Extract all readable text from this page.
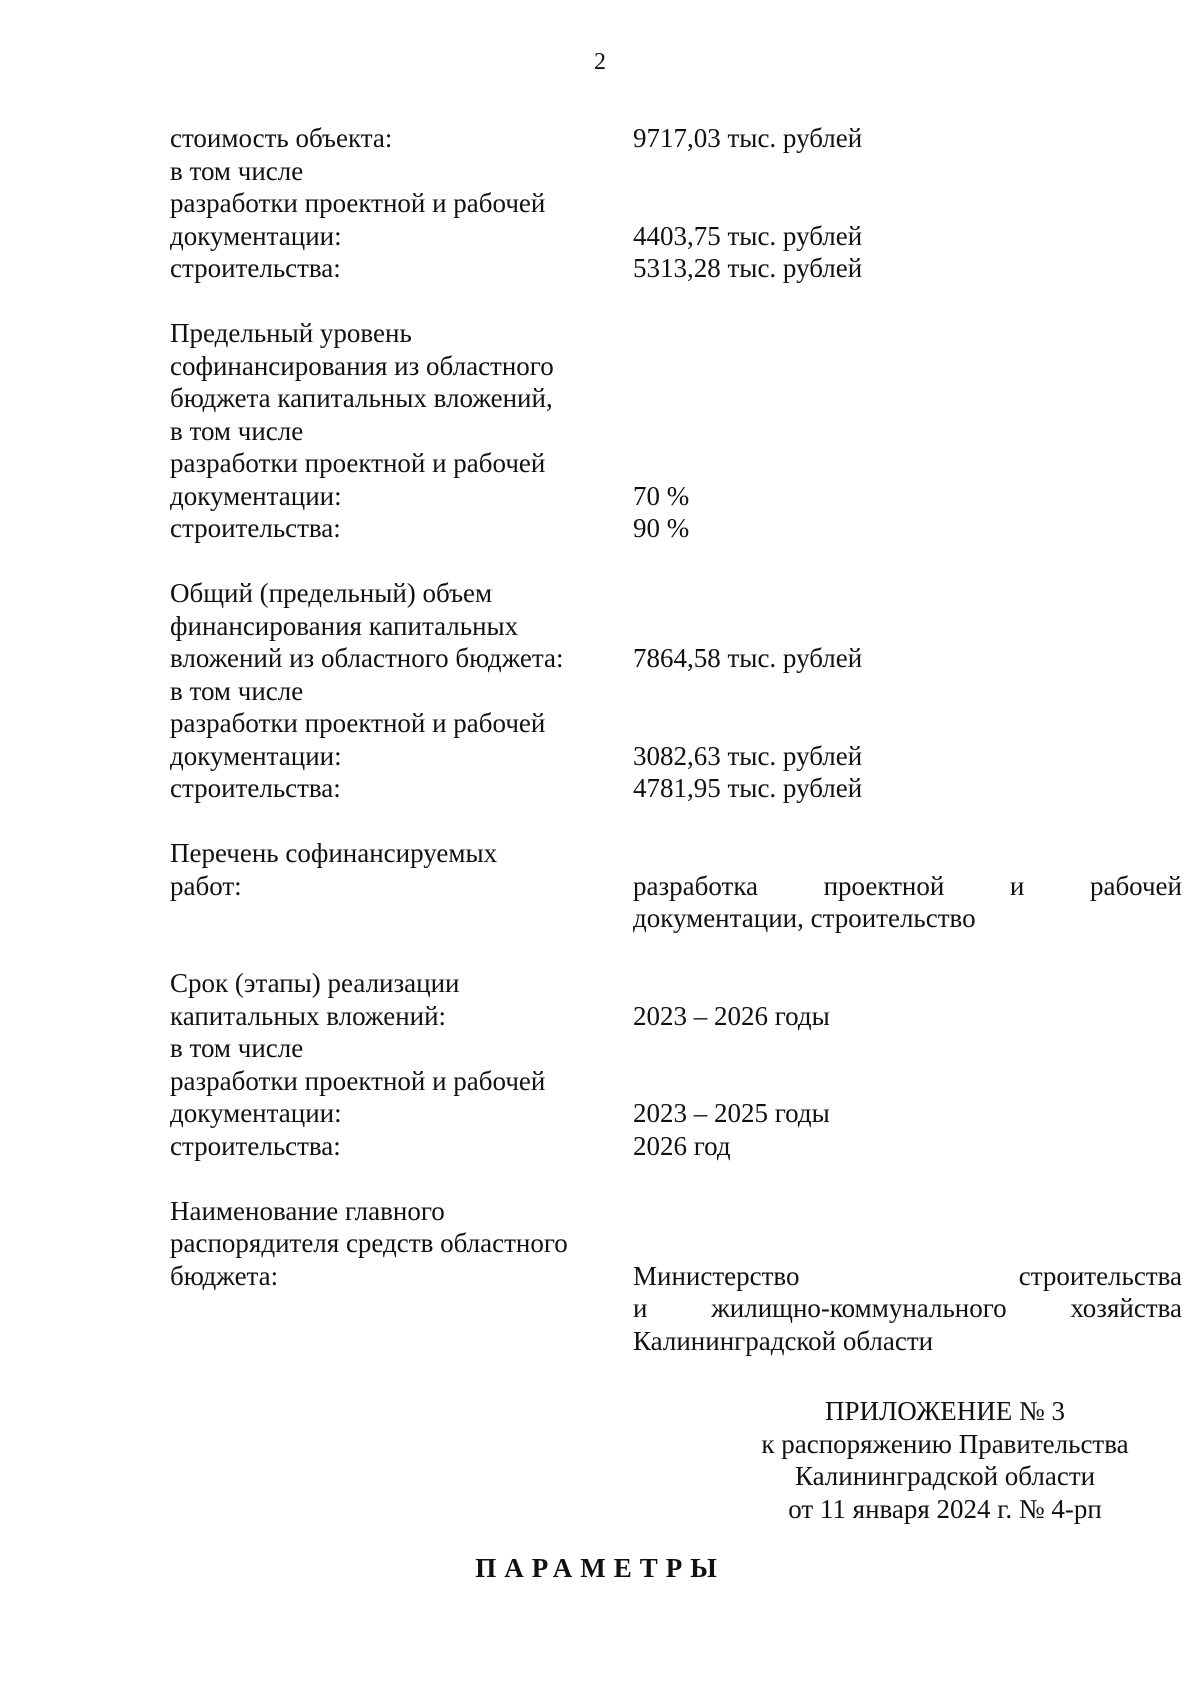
2
стоимость объекта:	9717,03 тыс. рублей
в том числе
разработки проектной и рабочей
документации:	4403,75 тыс. рублей
строительства:	5313,28 тыс. рублей
Предельный уровень
софинансирования из областного
бюджета капитальных вложений,
в том числе
разработки проектной и рабочей
документации:	70 %
строительства:	90 %
Общий (предельный) объем
финансирования капитальных
вложений из областного бюджета:	7864,58 тыс. рублей
в том числе
разработки проектной и рабочей
документации:	3082,63 тыс. рублей
строительства:	4781,95 тыс. рублей
Перечень софинансируемых
работ:	разработка проектной и рабочей
документации, строительство
Срок (этапы) реализации
капитальных вложений:	2023 – 2026 годы
в том числе
разработки проектной и рабочей
документации:	2023 – 2025 годы
строительства:	2026 год
Наименование главного
распорядителя средств областного
бюджета:	Министерство строительства
и жилищно-коммунального хозяйства
Калининградской области
ПРИЛОЖЕНИЕ № 3
к распоряжению Правительства
Калининградской области
от 11 января 2024 г. № 4-рп
ПАРАМЕТРЫ
